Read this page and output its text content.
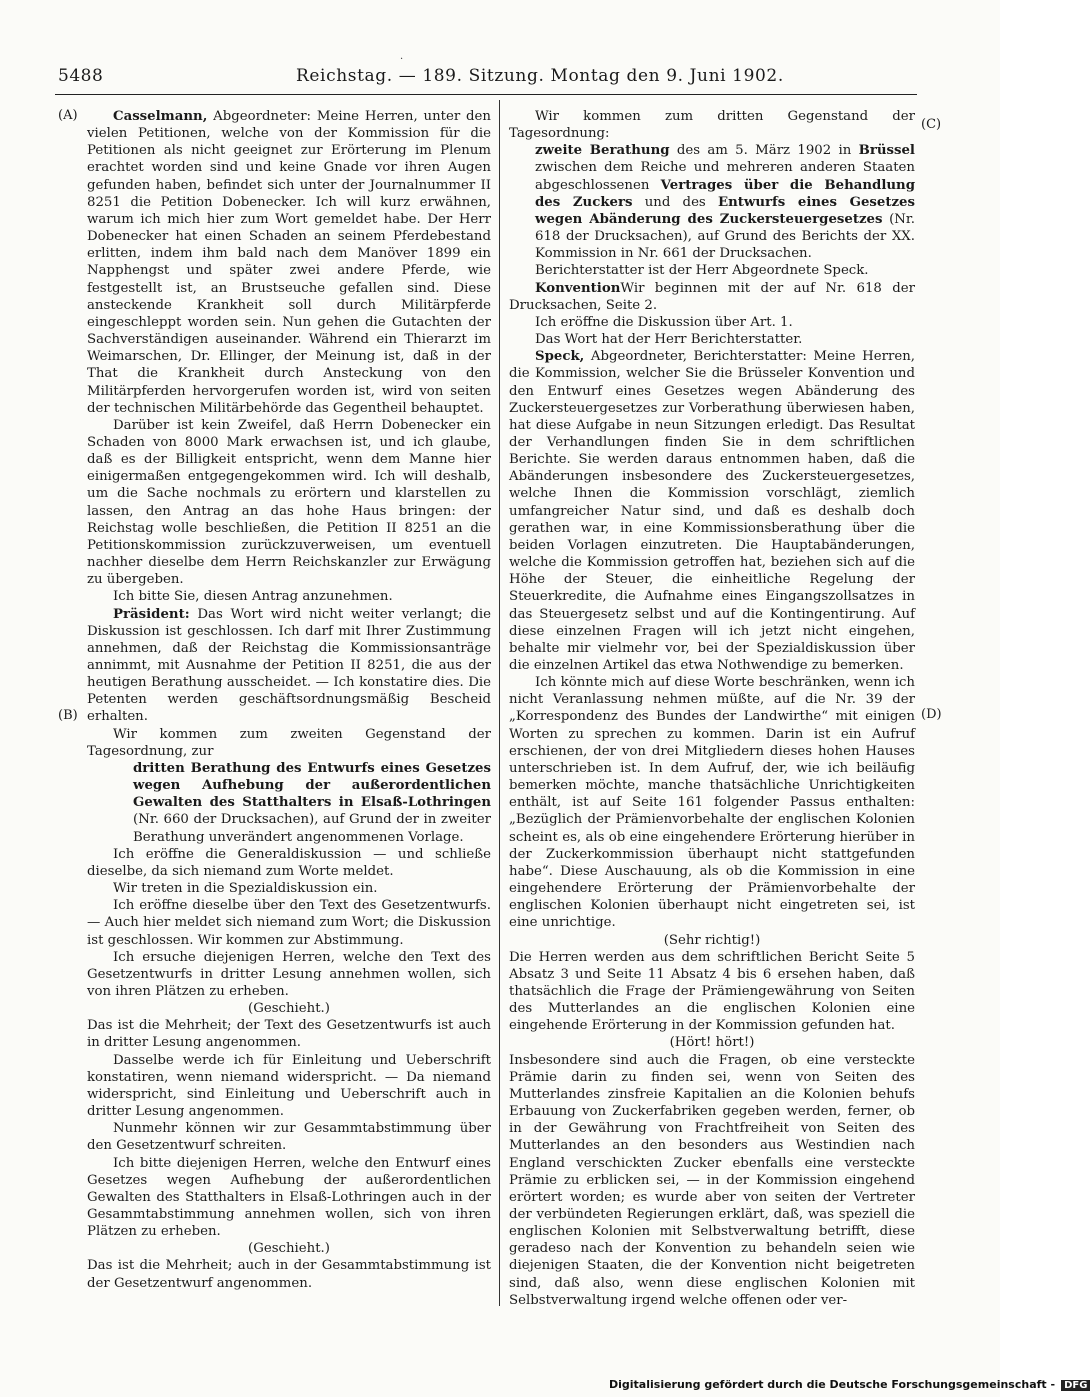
·
5488	Reichstag. — 189. Sitzung. Montag den 9. Juni 1902.
(A)
(B)
(C)
(D)

Casselmann, Abgeordneter: Meine Herren, unter den vielen Petitionen, welche von der Kommission für die Petitionen als nicht geeignet zur Erörterung im Plenum erachtet worden sind und keine Gnade vor ihren Augen gefunden haben, befindet sich unter der Journalnummer II 8251 die Petition Dobenecker. Ich will kurz erwähnen, warum ich mich hier zum Wort gemeldet habe. Der Herr Dobenecker hat einen Schaden an seinem Pferdebestand erlitten, indem ihm bald nach dem Manöver 1899 ein Napphengst und später zwei andere Pferde, wie festgestellt ist, an Brustseuche gefallen sind. Diese ansteckende Krankheit soll durch Militärpferde eingeschleppt worden sein. Nun gehen die Gutachten der Sachverständigen auseinander. Während ein Thierarzt im Weimarschen, Dr. Ellinger, der Meinung ist, daß in der That die Krankheit durch Ansteckung von den Militärpferden hervorgerufen worden ist, wird von seiten der technischen Militärbehörde das Gegentheil behauptet.

Darüber ist kein Zweifel, daß Herrn Dobenecker ein Schaden von 8000 Mark erwachsen ist, und ich glaube, daß es der Billigkeit entspricht, wenn dem Manne hier einigermaßen entgegengekommen wird. Ich will deshalb, um die Sache nochmals zu erörtern und klarstellen zu lassen, den Antrag an das hohe Haus bringen: der Reichstag wolle beschließen, die Petition II 8251 an die Petitionskommission zurückzuverweisen, um eventuell nachher dieselbe dem Herrn Reichskanzler zur Erwägung zu übergeben.

Ich bitte Sie, diesen Antrag anzunehmen.

Präsident: Das Wort wird nicht weiter verlangt; die Diskussion ist geschlossen. Ich darf mit Ihrer Zustimmung annehmen, daß der Reichstag die Kommissionsanträge annimmt, mit Ausnahme der Petition II 8251, die aus der heutigen Berathung ausscheidet. — Ich konstatire dies. Die Petenten werden geschäftsordnungsmäßig Bescheid erhalten.

Wir kommen zum zweiten Gegenstand der Tagesordnung, zur

dritten Berathung des Entwurfs eines Gesetzes wegen Aufhebung der außerordentlichen Gewalten des Statthalters in Elsaß-Lothringen (Nr. 660 der Drucksachen), auf Grund der in zweiter Berathung unverändert angenommenen Vorlage.

Ich eröffne die Generaldiskussion — und schließe dieselbe, da sich niemand zum Worte meldet.

Wir treten in die Spezialdiskussion ein.

Ich eröffne dieselbe über den Text des Gesetzentwurfs. — Auch hier meldet sich niemand zum Wort; die Diskussion ist geschlossen. Wir kommen zur Abstimmung.

Ich ersuche diejenigen Herren, welche den Text des Gesetzentwurfs in dritter Lesung annehmen wollen, sich von ihren Plätzen zu erheben.

(Geschieht.)

Das ist die Mehrheit; der Text des Gesetzentwurfs ist auch in dritter Lesung angenommen.

Dasselbe werde ich für Einleitung und Ueberschrift konstatiren, wenn niemand widerspricht. — Da niemand widerspricht, sind Einleitung und Ueberschrift auch in dritter Lesung angenommen.

Nunmehr können wir zur Gesammtabstimmung über den Gesetzentwurf schreiten.

Ich bitte diejenigen Herren, welche den Entwurf eines Gesetzes wegen Aufhebung der außerordentlichen Gewalten des Statthalters in Elsaß-Lothringen auch in der Gesammtabstimmung annehmen wollen, sich von ihren Plätzen zu erheben.

(Geschieht.)

Das ist die Mehrheit; auch in der Gesammtabstimmung ist der Gesetzentwurf angenommen.

Wir kommen zum dritten Gegenstand der Tagesordnung:

zweite Berathung des am 5. März 1902 in Brüssel zwischen dem Reiche und mehreren anderen Staaten abgeschlossenen Vertrages über die Behandlung des Zuckers und des Entwurfs eines Gesetzes wegen Abänderung des Zuckersteuergesetzes (Nr. 618 der Drucksachen), auf Grund des Berichts der XX. Kommission in Nr. 661 der Drucksachen.

Berichterstatter ist der Herr Abgeordnete Speck.

KonventionWir beginnen mit der auf Nr. 618 der Drucksachen, Seite 2.

Ich eröffne die Diskussion über Art. 1.

Das Wort hat der Herr Berichterstatter.

Speck, Abgeordneter, Berichterstatter: Meine Herren, die Kommission, welcher Sie die Brüsseler Konvention und den Entwurf eines Gesetzes wegen Abänderung des Zuckersteuergesetzes zur Vorberathung überwiesen haben, hat diese Aufgabe in neun Sitzungen erledigt. Das Resultat der Verhandlungen finden Sie in dem schriftlichen Berichte. Sie werden daraus entnommen haben, daß die Abänderungen insbesondere des Zuckersteuergesetzes, welche Ihnen die Kommission vorschlägt, ziemlich umfangreicher Natur sind, und daß es deshalb doch gerathen war, in eine Kommissionsberathung über die beiden Vorlagen einzutreten. Die Hauptabänderungen, welche die Kommission getroffen hat, beziehen sich auf die Höhe der Steuer, die einheitliche Regelung der Steuerkredite, die Aufnahme eines Eingangszollsatzes in das Steuergesetz selbst und auf die Kontingentirung. Auf diese einzelnen Fragen will ich jetzt nicht eingehen, behalte mir vielmehr vor, bei der Spezialdiskussion über die einzelnen Artikel das etwa Nothwendige zu bemerken.

Ich könnte mich auf diese Worte beschränken, wenn ich nicht Veranlassung nehmen müßte, auf die Nr. 39 der „Korrespondenz des Bundes der Landwirthe“ mit einigen Worten zu sprechen zu kommen. Darin ist ein Aufruf erschienen, der von drei Mitgliedern dieses hohen Hauses unterschrieben ist. In dem Aufruf, der, wie ich beiläufig bemerken möchte, manche thatsächliche Unrichtigkeiten enthält, ist auf Seite 161 folgender Passus enthalten: „Bezüglich der Prämienvorbehalte der englischen Kolonien scheint es, als ob eine eingehendere Erörterung hierüber in der Zuckerkommission überhaupt nicht stattgefunden habe“. Diese Auschauung, als ob die Kommission in eine eingehendere Erörterung der Prämienvorbehalte der englischen Kolonien überhaupt nicht eingetreten sei, ist eine unrichtige.

(Sehr richtig!)

Die Herren werden aus dem schriftlichen Bericht Seite 5 Absatz 3 und Seite 11 Absatz 4 bis 6 ersehen haben, daß thatsächlich die Frage der Prämiengewährung von Seiten des Mutterlandes an die englischen Kolonien eine eingehende Erörterung in der Kommission gefunden hat.

(Hört! hört!)

Insbesondere sind auch die Fragen, ob eine versteckte Prämie darin zu finden sei, wenn von Seiten des Mutterlandes zinsfreie Kapitalien an die Kolonien behufs Erbauung von Zuckerfabriken gegeben werden, ferner, ob in der Gewährung von Frachtfreiheit von Seiten des Mutterlandes an den besonders aus Westindien nach England verschickten Zucker ebenfalls eine versteckte Prämie zu erblicken sei, — in der Kommission eingehend erörtert worden; es wurde aber von seiten der Vertreter der verbündeten Regierungen erklärt, daß, was speziell die englischen Kolonien mit Selbstverwaltung betrifft, diese geradeso nach der Konvention zu behandeln seien wie diejenigen Staaten, die der Konvention nicht beigetreten sind, daß also, wenn diese englischen Kolonien mit Selbstverwaltung irgend welche offenen oder ver-

Digitalisierung gefördert durch die Deutsche Forschungsgemeinschaft - DFG
